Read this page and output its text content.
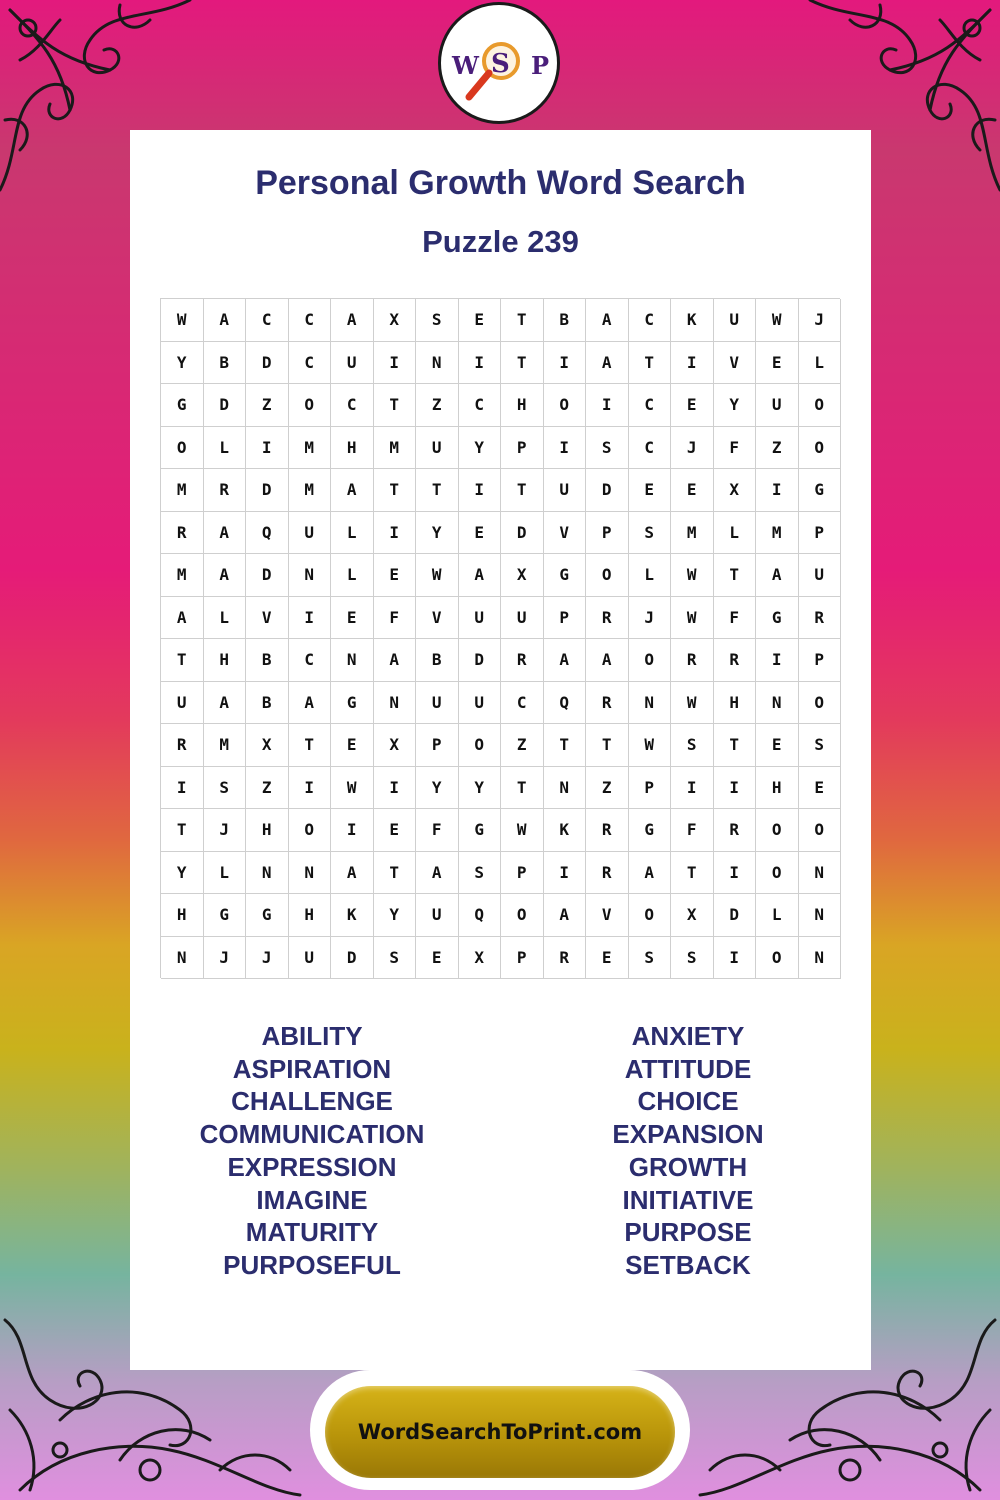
W S P
Personal Growth Word Search
Puzzle 239
W	A	C	C	A	X	S	E	T	B	A	C	K	U	W	J
Y	B	D	C	U	I	N	I	T	I	A	T	I	V	E	L
G	D	Z	O	C	T	Z	C	H	O	I	C	E	Y	U	O
O	L	I	M	H	M	U	Y	P	I	S	C	J	F	Z	O
M	R	D	M	A	T	T	I	T	U	D	E	E	X	I	G
R	A	Q	U	L	I	Y	E	D	V	P	S	M	L	M	P
M	A	D	N	L	E	W	A	X	G	O	L	W	T	A	U
A	L	V	I	E	F	V	U	U	P	R	J	W	F	G	R
T	H	B	C	N	A	B	D	R	A	A	O	R	R	I	P
U	A	B	A	G	N	U	U	C	Q	R	N	W	H	N	O
R	M	X	T	E	X	P	O	Z	T	T	W	S	T	E	S
I	S	Z	I	W	I	Y	Y	T	N	Z	P	I	I	H	E
T	J	H	O	I	E	F	G	W	K	R	G	F	R	O	O
Y	L	N	N	A	T	A	S	P	I	R	A	T	I	O	N
H	G	G	H	K	Y	U	Q	O	A	V	O	X	D	L	N
N	J	J	U	D	S	E	X	P	R	E	S	S	I	O	N
ABILITY
ASPIRATION
CHALLENGE
COMMUNICATION
EXPRESSION
IMAGINE
MATURITY
PURPOSEFUL
ANXIETY
ATTITUDE
CHOICE
EXPANSION
GROWTH
INITIATIVE
PURPOSE
SETBACK
WordSearchToPrint.com
